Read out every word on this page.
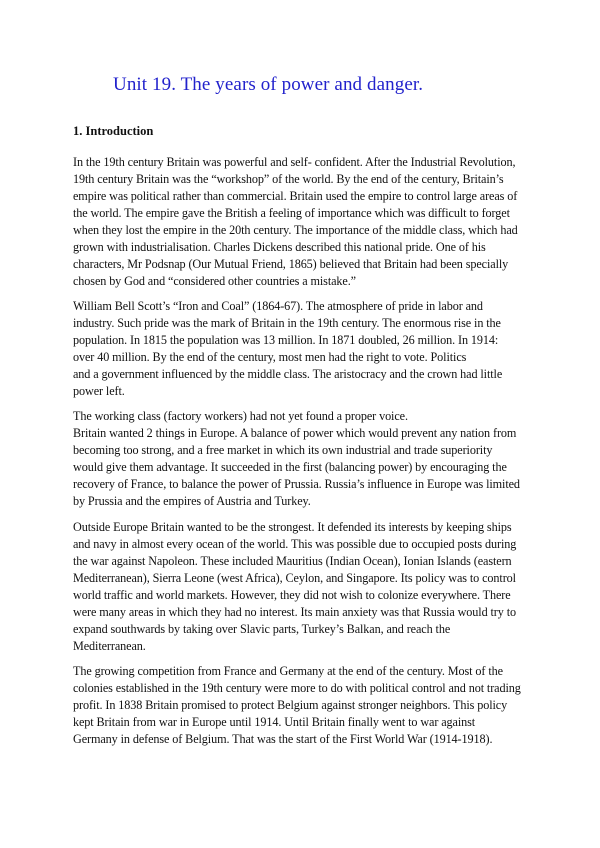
Unit 19. The years of power and danger.
1. Introduction
In the 19th century Britain was powerful and self- confident. After the Industrial Revolution,
19th century Britain was the “workshop” of the world. By the end of the century, Britain’s
empire was political rather than commercial. Britain used the empire to control large areas of
the world. The empire gave the British a feeling of importance which was difficult to forget
when they lost the empire in the 20th century. The importance of the middle class, which had
grown with industrialisation. Charles Dickens described this national pride. One of his
characters, Mr Podsnap (Our Mutual Friend, 1865) believed that Britain had been specially
chosen by God and “considered other countries a mistake.”
William Bell Scott’s “Iron and Coal” (1864-67). The atmosphere of pride in labor and
industry. Such pride was the mark of Britain in the 19th century. The enormous rise in the
population. In 1815 the population was 13 million. In 1871 doubled, 26 million. In 1914:
over 40 million. By the end of the century, most men had the right to vote. Politics
and a government influenced by the middle class. The aristocracy and the crown had little
power left.
The working class (factory workers) had not yet found a proper voice.
Britain wanted 2 things in Europe. A balance of power which would prevent any nation from
becoming too strong, and a free market in which its own industrial and trade superiority
would give them advantage. It succeeded in the first (balancing power) by encouraging the
recovery of France, to balance the power of Prussia. Russia’s influence in Europe was limited
by Prussia and the empires of Austria and Turkey.
Outside Europe Britain wanted to be the strongest. It defended its interests by keeping ships
and navy in almost every ocean of the world. This was possible due to occupied posts during
the war against Napoleon. These included Mauritius (Indian Ocean), Ionian Islands (eastern
Mediterranean), Sierra Leone (west Africa), Ceylon, and Singapore. Its policy was to control
world traffic and world markets. However, they did not wish to colonize everywhere. There
were many areas in which they had no interest. Its main anxiety was that Russia would try to
expand southwards by taking over Slavic parts, Turkey’s Balkan, and reach the
Mediterranean.
The growing competition from France and Germany at the end of the century. Most of the
colonies established in the 19th century were more to do with political control and not trading
profit. In 1838 Britain promised to protect Belgium against stronger neighbors. This policy
kept Britain from war in Europe until 1914. Until Britain finally went to war against
Germany in defense of Belgium. That was the start of the First World War (1914-1918).
